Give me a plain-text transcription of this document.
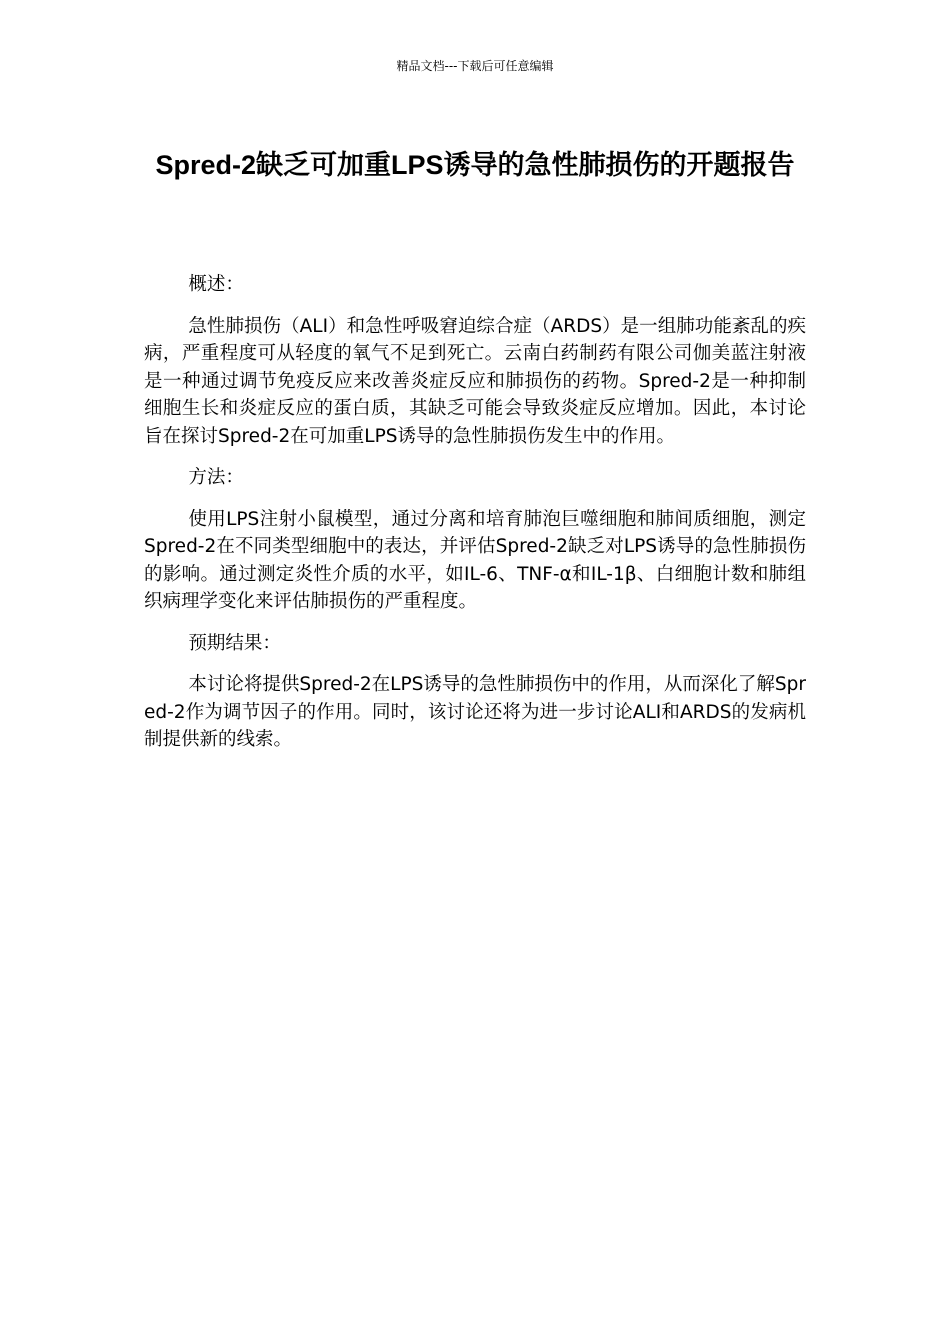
精品文档---下载后可任意编辑
Spred-2缺乏可加重LPS诱导的急性肺损伤的开题报告

概述：

急性肺损伤（ALI）和急性呼吸窘迫综合症（ARDS）是一组肺功能紊乱的疾病，严重程度可从轻度的氧气不足到死亡。云南白药制药有限公司伽美蓝注射液是一种通过调节免疫反应来改善炎症反应和肺损伤的药物。Spred-2是一种抑制细胞生长和炎症反应的蛋白质，其缺乏可能会导致炎症反应增加。因此，本讨论旨在探讨Spred-2在可加重LPS诱导的急性肺损伤发生中的作用。

方法：

使用LPS注射小鼠模型，通过分离和培育肺泡巨噬细胞和肺间质细胞，测定Spred-2在不同类型细胞中的表达，并评估Spred-2缺乏对LPS诱导的急性肺损伤的影响。通过测定炎性介质的水平，如IL-6、TNF-α和IL-1β、白细胞计数和肺组织病理学变化来评估肺损伤的严重程度。

预期结果：

本讨论将提供Spred-2在LPS诱导的急性肺损伤中的作用，从而深化了解Spred-2作为调节因子的作用。同时，该讨论还将为进一步讨论ALI和ARDS的发病机制提供新的线索。
